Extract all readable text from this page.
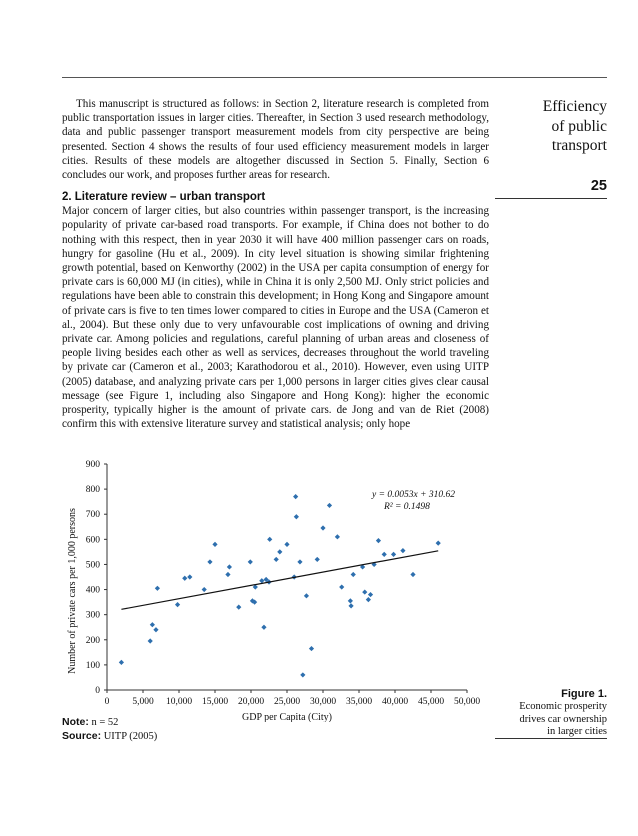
This manuscript is structured as follows: in Section 2, literature research is completed from public transportation issues in larger cities. Thereafter, in Section 3 used research methodology, data and public passenger transport measurement models from city perspective are being presented. Section 4 shows the results of four used efficiency measurement models in larger cities. Results of these models are altogether discussed in Section 5. Finally, Section 6 concludes our work, and proposes further areas for research.

2. Literature review – urban transport

Major concern of larger cities, but also countries within passenger transport, is the increasing popularity of private car-based road transports. For example, if China does not bother to do nothing with this respect, then in year 2030 it will have 400 million passenger cars on roads, hungry for gasoline (Hu et al., 2009). In city level situation is showing similar frightening growth potential, based on Kenworthy (2002) in the USA per capita consumption of energy for private cars is 60,000 MJ (in cities), while in China it is only 2,500 MJ. Only strict policies and regulations have been able to constrain this development; in Hong Kong and Singapore amount of private cars is five to ten times lower compared to cities in Europe and the USA (Cameron et al., 2004). But these only due to very unfavourable cost implications of owning and driving private car. Among policies and regulations, careful planning of urban areas and closeness of people living besides each other as well as services, decreases throughout the world traveling by private car (Cameron et al., 2003; Karathodorou et al., 2010). However, even using UITP (2005) database, and analyzing private cars per 1,000 persons in larger cities gives clear causal message (see Figure 1, including also Singapore and Hong Kong): higher the economic prosperity, typically higher is the amount of private cars. de Jong and van de Riet (2008) confirm this with extensive literature survey and statistical analysis; only hope

Efficiency
of public
transport
25
0
100
200
300
400
500
600
700
800
900
0 5,000 10,000 15,000 20,000 25,000 30,000 35,000 40,000 45,000 50,000
GDP per Capita (City)
Number of private cars per 1,000 persons
y = 0.0053x + 310.62
R² = 0.1498
Figure 1.
Economic prosperity
drives car ownership
in larger cities
Note: n = 52
Source: UITP (2005)
